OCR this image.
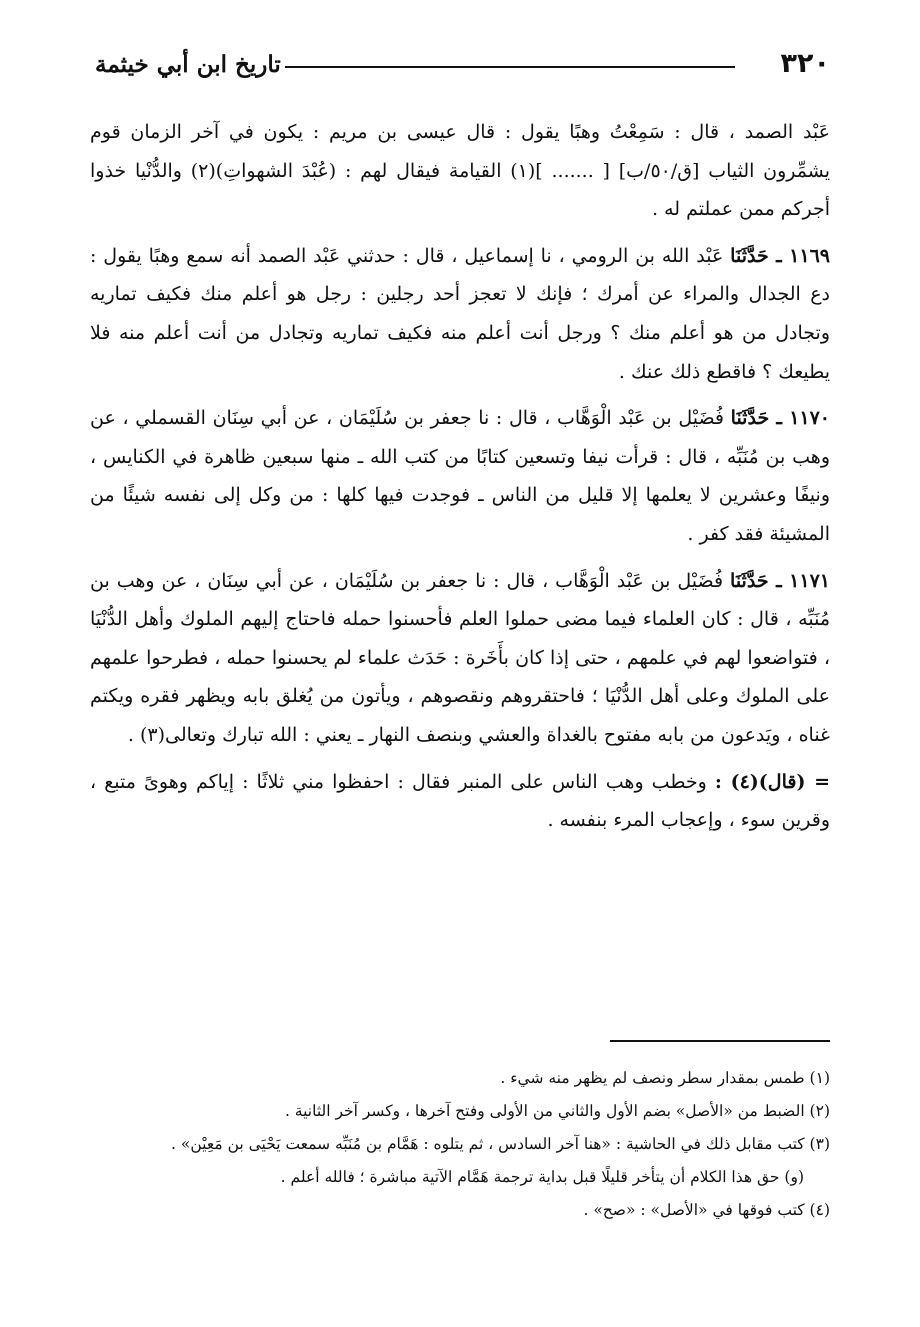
٣٢٠
تاريخ ابن أبي خيثمة

عَبْد الصمد ، قال : سَمِعْتُ وهبًا يقول : قال عيسى بن مريم : يكون في آخر الزمان قوم يشمِّرون الثياب [ق/٥٠/ب] [ ....... ](١) القيامة فيقال لهم : (عُبْدَ الشهواتِ)(٢) والدُّنْيا خذوا أجركم ممن عملتم له .

١١٦٩ ـ حَدَّثَنَا عَبْد الله بن الرومي ، نا إسماعيل ، قال : حدثني عَبْد الصمد أنه سمع وهبًا يقول : دع الجدال والمراء عن أمرك ؛ فإنك لا تعجز أحد رجلين : رجل هو أعلم منك فكيف تماريه وتجادل من هو أعلم منك ؟ ورجل أنت أعلم منه فكيف تماريه وتجادل من أنت أعلم منه فلا يطيعك ؟ فاقطع ذلك عنك .

١١٧٠ ـ حَدَّثَنَا فُضَيْل بن عَبْد الْوَهَّاب ، قال : نا جعفر بن سُلَيْمَان ، عن أبي سِنَان القسملي ، عن وهب بن مُنَبِّه ، قال : قرأت نيفا وتسعين كتابًا من كتب الله ـ منها سبعين ظاهرة في الكنايس ، ونيفًا وعشرين لا يعلمها إلا قليل من الناس ـ فوجدت فيها كلها : من وكل إلى نفسه شيئًا من المشيئة فقد كفر .

١١٧١ ـ حَدَّثَنَا فُضَيْل بن عَبْد الْوَهَّاب ، قال : نا جعفر بن سُلَيْمَان ، عن أبي سِنَان ، عن وهب بن مُنَبِّه ، قال : كان العلماء فيما مضى حملوا العلم فأحسنوا حمله فاحتاج إليهم الملوك وأهل الدُّنْيَا ، فتواضعوا لهم في علمهم ، حتى إذا كان بأَخَرة : حَدَث علماء لم يحسنوا حمله ، فطرحوا علمهم على الملوك وعلى أهل الدُّنْيَا ؛ فاحتقروهم ونقصوهم ، ويأتون من يُغلق بابه ويظهر فقره ويكتم غناه ، ويَدعون من بابه مفتوح بالغداة والعشي وبنصف النهار ـ يعني : الله تبارك وتعالى(٣) .

= (قال)(٤) : وخطب وهب الناس على المنبر فقال : احفظوا مني ثلاثًا : إياكم وهوىً متبع ، وقرين سوء ، وإعجاب المرء بنفسه .

(١) طمس بمقدار سطر ونصف لم يظهر منه شيء .

(٢) الضبط من «الأصل» بضم الأول والثاني من الأولى وفتح آخرها ، وكسر آخر الثانية .

(٣) كتب مقابل ذلك في الحاشية : «هنا آخر السادس ، ثم يتلوه : هَمَّام بن مُنَبِّه سمعت يَحْيَى بن مَعِيْن» .

(و) حق هذا الكلام أن يتأخر قليلًا قبل بداية ترجمة هَمَّام الآتية مباشرة ؛ فالله أعلم .

(٤) كتب فوقها في «الأصل» : «صح» .
